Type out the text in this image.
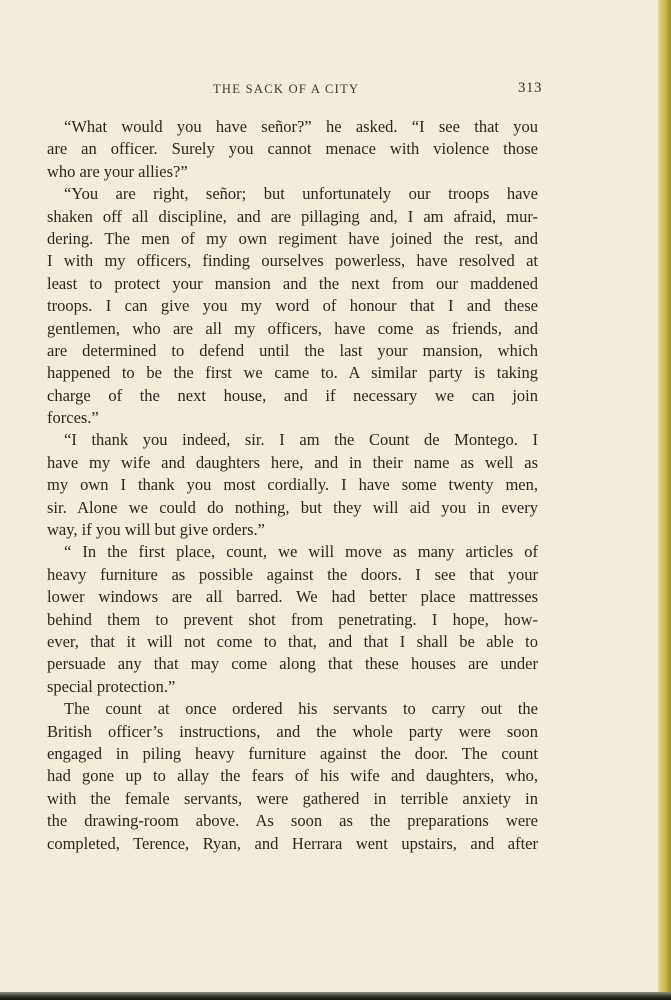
THE SACK OF A CITY	313
“What would you have señor?” he asked. “I see that you
are an officer. Surely you cannot menace with violence those
who are your allies?”
“You are right, señor; but unfortunately our troops have
shaken off all discipline, and are pillaging and, I am afraid, mur-
dering. The men of my own regiment have joined the rest, and
I with my officers, finding ourselves powerless, have resolved at
least to protect your mansion and the next from our maddened
troops. I can give you my word of honour that I and these
gentlemen, who are all my officers, have come as friends, and
are determined to defend until the last your mansion, which
happened to be the first we came to. A similar party is taking
charge of the next house, and if necessary we can join
forces.”
“I thank you indeed, sir. I am the Count de Montego. I
have my wife and daughters here, and in their name as well as
my own I thank you most cordially. I have some twenty men,
sir. Alone we could do nothing, but they will aid you in every
way, if you will but give orders.”
“ In the first place, count, we will move as many articles of
heavy furniture as possible against the doors. I see that your
lower windows are all barred. We had better place mattresses
behind them to prevent shot from penetrating. I hope, how-
ever, that it will not come to that, and that I shall be able to
persuade any that may come along that these houses are under
special protection.”
The count at once ordered his servants to carry out the
British officer’s instructions, and the whole party were soon
engaged in piling heavy furniture against the door. The count
had gone up to allay the fears of his wife and daughters, who,
with the female servants, were gathered in terrible anxiety in
the drawing-room above. As soon as the preparations were
completed, Terence, Ryan, and Herrara went upstairs, and after
